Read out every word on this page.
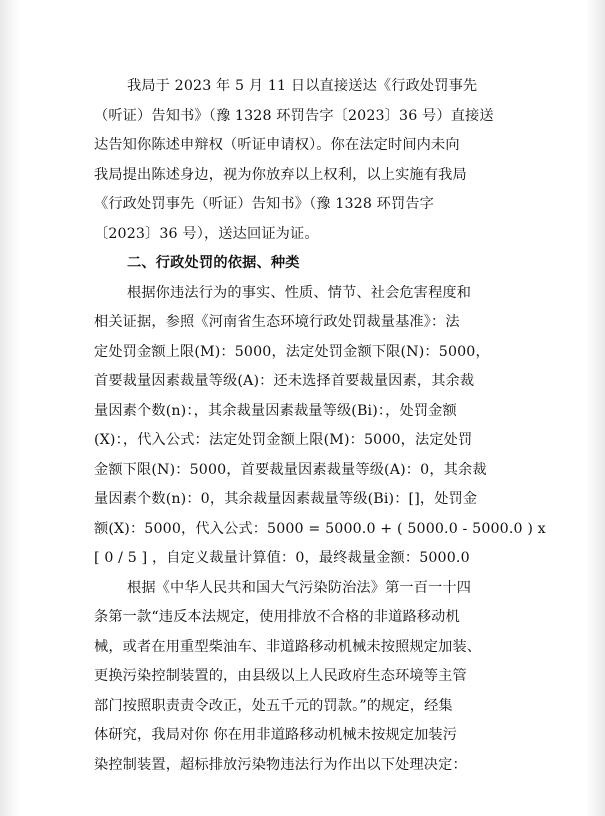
我局于 2023 年 5 月 11 日以直接送达《行政处罚事先
（听证）告知书》（豫 1328 环罚告字〔2023〕36 号）直接送
达告知你陈述申辩权（听证申请权）。你在法定时间内未向
我局提出陈述身边，视为你放弃以上权利，以上实施有我局
《行政处罚事先（听证）告知书》（豫 1328 环罚告字
〔2023〕36 号），送达回证为证。
二、行政处罚的依据、种类
根据你违法行为的事实、性质、情节、社会危害程度和
相关证据，参照《河南省生态环境行政处罚裁量基准》：法
定处罚金额上限(M)：5000，法定处罚金额下限(N)：5000，
首要裁量因素裁量等级(A)：还未选择首要裁量因素，其余裁
量因素个数(n)：，其余裁量因素裁量等级(Bi)：，处罚金额
(X)：，代入公式：法定处罚金额上限(M)：5000，法定处罚
金额下限(N)：5000，首要裁量因素裁量等级(A)：0，其余裁
量因素个数(n)：0，其余裁量因素裁量等级(Bi)：[]，处罚金
额(X)：5000，代入公式：5000 = 5000.0 + ( 5000.0 - 5000.0 ) x
[ 0 / 5 ] ，自定义裁量计算值：0，最终裁量金额：5000.0
根据《中华人民共和国大气污染防治法》第一百一十四
条第一款“违反本法规定，使用排放不合格的非道路移动机
械，或者在用重型柴油车、非道路移动机械未按照规定加装、
更换污染控制装置的，由县级以上人民政府生态环境等主管
部门按照职责责令改正，处五千元的罚款。”的规定，经集
体研究，我局对你 你在用非道路移动机械未按规定加装污
染控制装置，超标排放污染物违法行为作出以下处理决定：
